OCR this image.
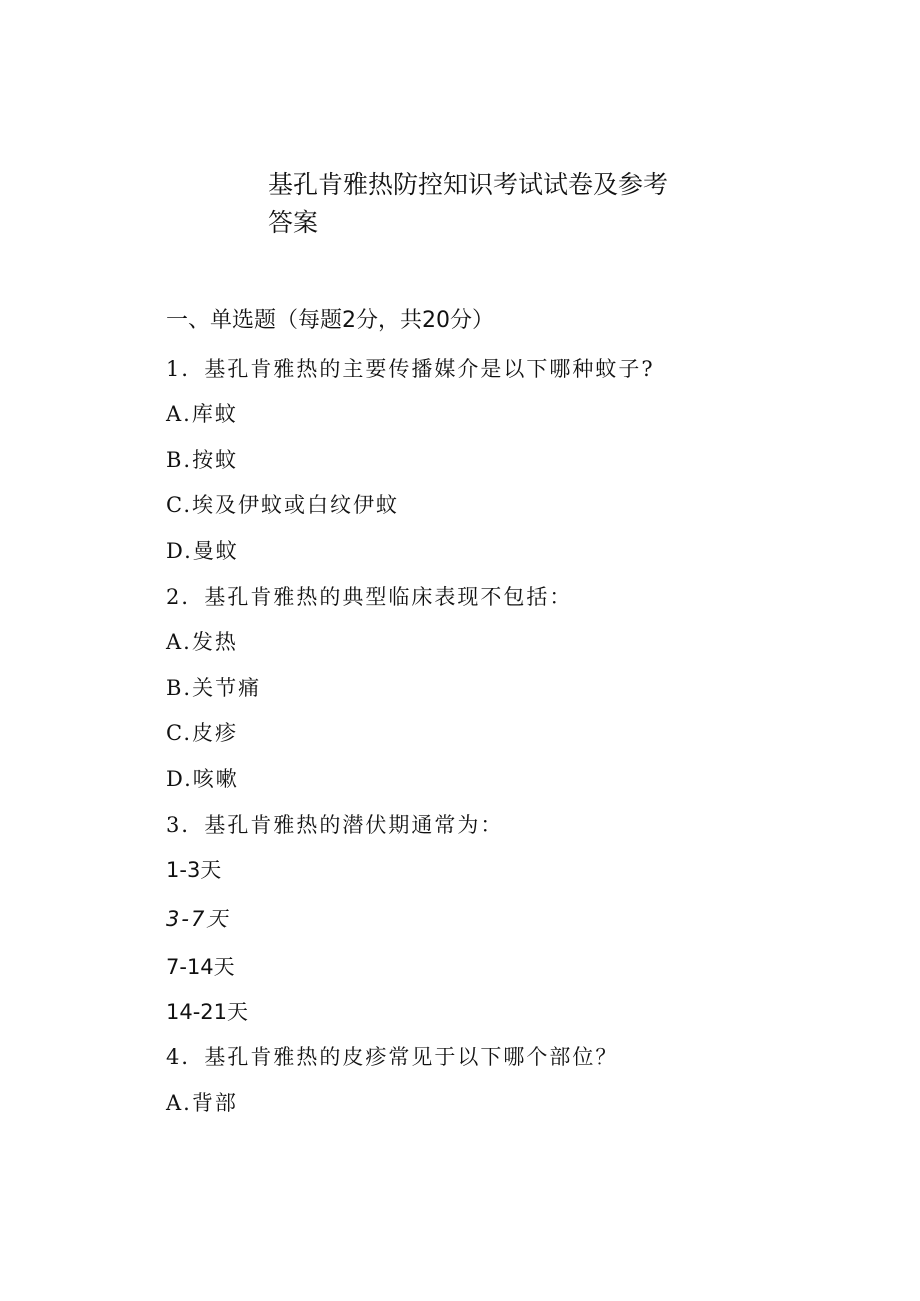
基孔肯雅热防控知识考试试卷及参考答案
一、单选题（每题2分，共20分）
1．基孔肯雅热的主要传播媒介是以下哪种蚊子?
A.库蚊
B.按蚊
C.埃及伊蚊或白纹伊蚊
D.曼蚊
2．基孔肯雅热的典型临床表现不包括：
A.发热
B.关节痛
C.皮疹
D.咳嗽
3．基孔肯雅热的潜伏期通常为：
1-3天
3-7天
7-14天
14-21天
4．基孔肯雅热的皮疹常见于以下哪个部位？
A.背部
